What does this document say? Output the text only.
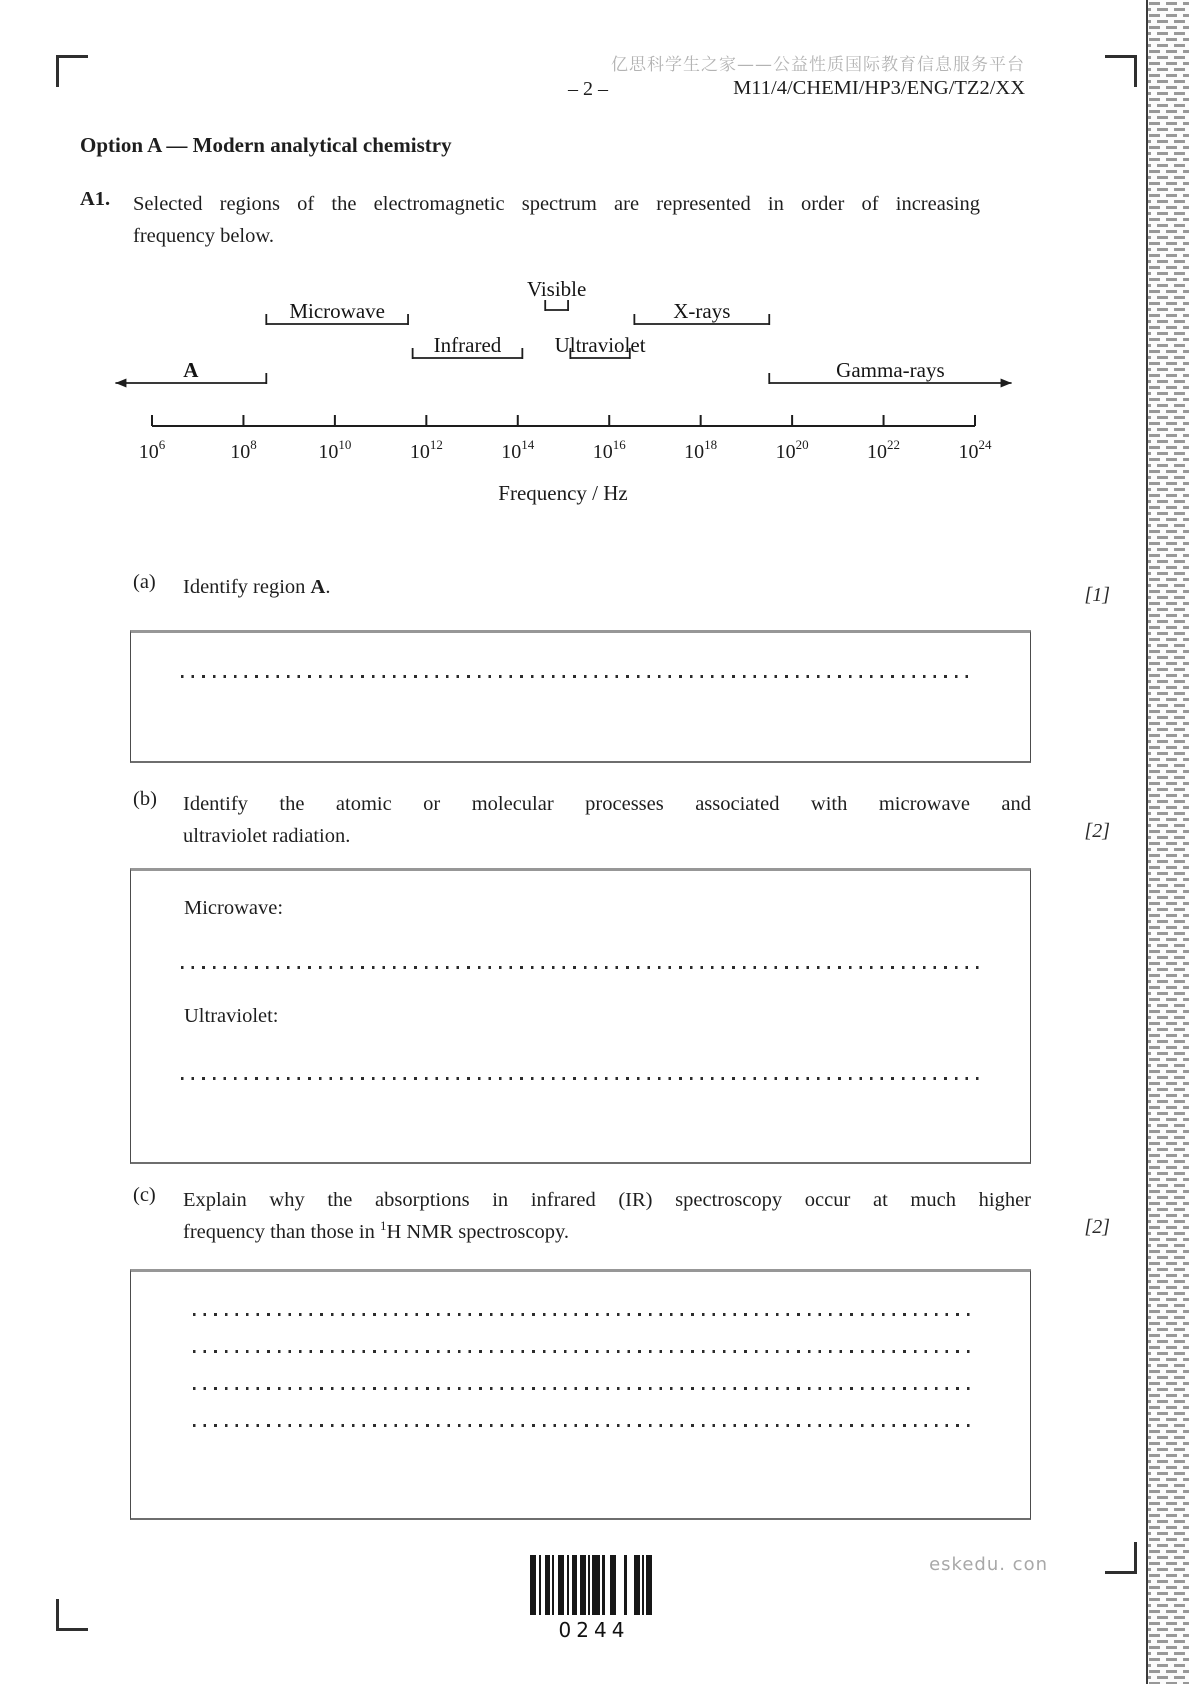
亿思科学生之家——公益性质国际教育信息服务平台
– 2 –	M11/4/CHEMI/HP3/ENG/TZ2/XX
Option A — Modern analytical chemistry
A1. Selected regions of the electromagnetic spectrum are represented in order of increasing
frequency below.
$10^6$	$10^8$	$10^{10}$	$10^{12}$	$10^{14}$	$10^{16}$	$10^{18}$	$10^{20}$	$10^{22}$	$10^{24}$
Frequency / Hz
A
Microwave
Infrared
Visible
Ultraviolet
X-rays
Gamma-rays
(a) Identify region A.	[1]
(b) Identify the atomic or molecular processes associated with microwave and
ultraviolet radiation.	[2]
Microwave:
Ultraviolet:
(c) Explain why the absorptions in infrared (IR) spectroscopy occur at much higher
frequency than those in $^1$H NMR spectroscopy.	[2]
0244
eskedu. con
